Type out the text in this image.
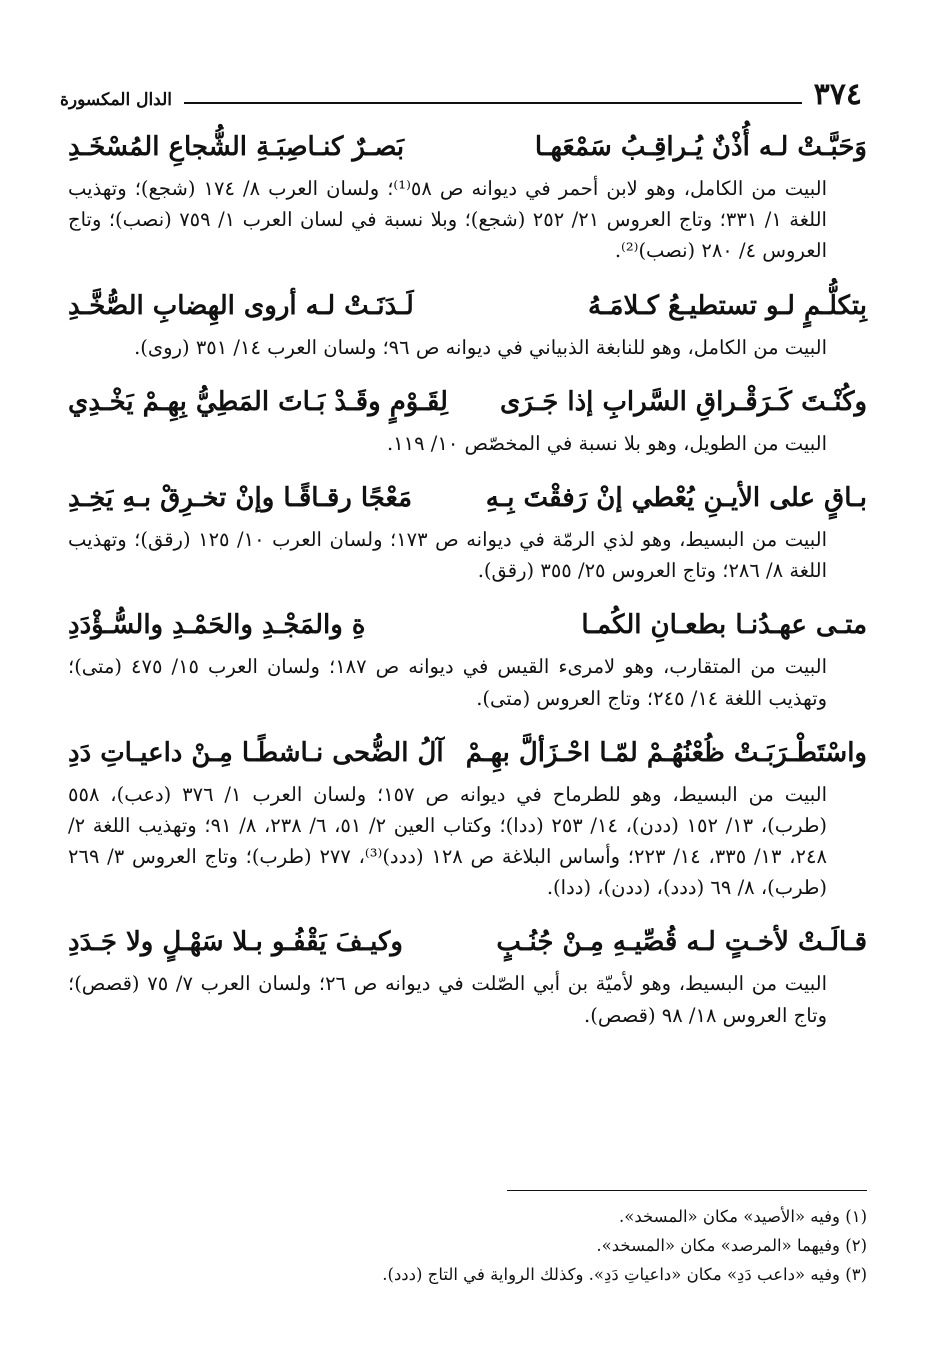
٣٧٤
الدال المكسورة
وَحَبَّـتْ لـه أُذْنٌ يُـراقِـبُ سَمْعَهـا
بَصـرٌ كنـاصِبَـةِ الشُّجاعِ المُسْخَـدِ

البيت من الكامل، وهو لابن أحمر في ديوانه ص ٥٨⁽¹⁾؛ ولسان العرب ٨/ ١٧٤ (شجع)؛ وتهذيب اللغة ١/ ٣٣١؛ وتاج العروس ٢١/ ٢٥٢ (شجع)؛ وبلا نسبة في لسان العرب ١/ ٧٥٩ (نصب)؛ وتاج العروس ٤/ ٢٨٠ (نصب)⁽²⁾.

بِتكلُّـمٍ لـو تستطيـعُ كـلامَـهُ
لَـدَنَـتْ لـه أروى الهِضابِ الصُّخَّـدِ

البيت من الكامل، وهو للنابغة الذبياني في ديوانه ص ٩٦؛ ولسان العرب ١٤/ ٣٥١ (روى).

وكُنْـتَ كَـرَقْـراقِ السَّرابِ إذا جَـرَى
لِقَـوْمٍ وقَـدْ بَـاتَ المَطِيُّ بِهِـمْ يَخْـدِي

البيت من الطويل، وهو بلا نسبة في المخصّص ١٠/ ١١٩.

بـاقٍ على الأيـنِ يُعْطي إنْ رَفقْتَ بِـهِ
مَعْجًا رقـاقًـا وإنْ تخـرِقْ بـهِ يَخِـدِ

البيت من البسيط، وهو لذي الرمّة في ديوانه ص ١٧٣؛ ولسان العرب ١٠/ ١٢٥ (رقق)؛ وتهذيب اللغة ٨/ ٢٨٦؛ وتاج العروس ٢٥/ ٣٥٥ (رقق).

متـى عهـدُنـا بطعـانِ الكُمـا
ةِ والمَجْـدِ والحَمْـدِ والسُّـؤْدَدِ

البيت من المتقارب، وهو لامرىء القيس في ديوانه ص ١٨٧؛ ولسان العرب ١٥/ ٤٧٥ (متى)؛ وتهذيب اللغة ١٤/ ٢٤٥؛ وتاج العروس (متى).

واسْتَطْـرَبَـتْ ظُعْنُهُـمْ لمّـا احْـزَألَّ بهِـمْ
آلُ الضُّحى نـاشطًـا مِـنْ داعيـاتِ دَدِ

البيت من البسيط، وهو للطرماح في ديوانه ص ١٥٧؛ ولسان العرب ١/ ٣٧٦ (دعب)، ٥٥٨ (طرب)، ١٣/ ١٥٢ (ددن)، ١٤/ ٢٥٣ (ددا)؛ وكتاب العين ٢/ ٥١، ٦/ ٢٣٨، ٨/ ٩١؛ وتهذيب اللغة ٢/ ٢٤٨، ١٣/ ٣٣٥، ١٤/ ٢٢٣؛ وأساس البلاغة ص ١٢٨ (ددد)⁽³⁾، ٢٧٧ (طرب)؛ وتاج العروس ٣/ ٢٦٩ (طرب)، ٨/ ٦٩ (ددد)، (ددن)، (ددا).

قـالَـتْ لأخـتٍ لـه قُصِّيـهِ مِـنْ جُنُـبٍ
وكيـفَ يَقْفُـو بـلا سَهْـلٍ ولا جَـدَدِ

البيت من البسيط، وهو لأميّة بن أبي الصّلت في ديوانه ص ٢٦؛ ولسان العرب ٧/ ٧٥ (قصص)؛ وتاج العروس ١٨/ ٩٨ (قصص).

(١) وفيه «الأصيد» مكان «المسخد».
(٢) وفيهما «المرصد» مكان «المسخد».
(٣) وفيه «داعب دَدِ» مكان «داعياتِ دَدِ». وكذلك الرواية في التاج (ددد).
